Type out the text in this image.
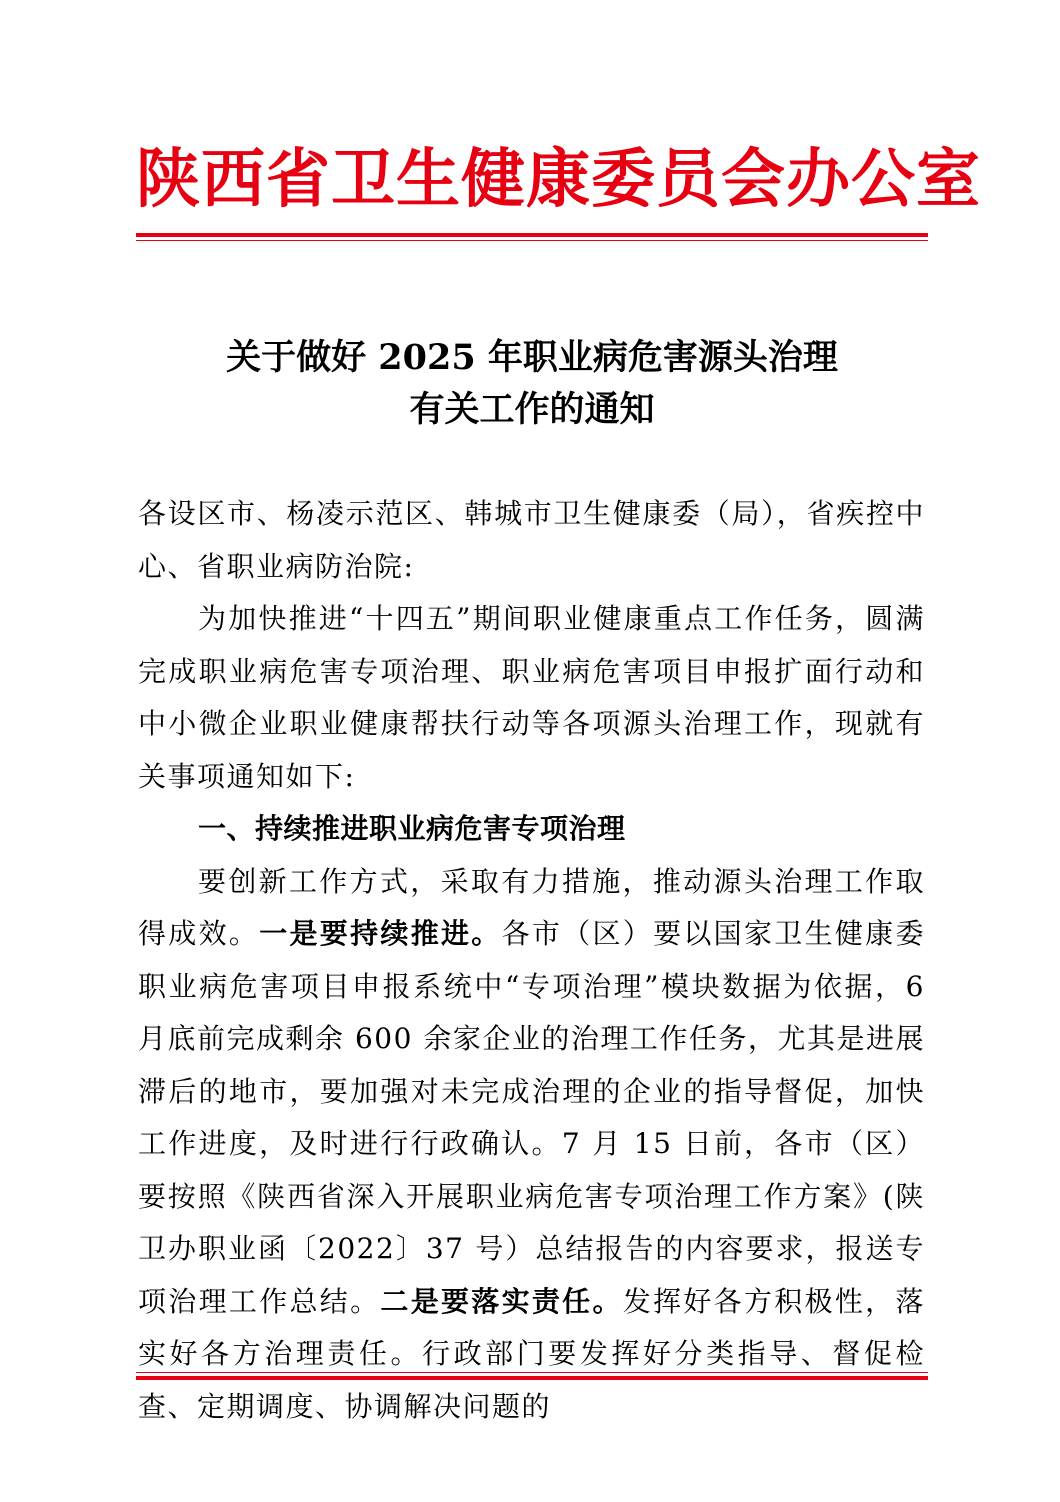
陕西省卫生健康委员会办公室
关于做好 2025 年职业病危害源头治理
有关工作的通知

各设区市、杨凌示范区、韩城市卫生健康委（局），省疾控中心、省职业病防治院:

为加快推进“十四五”期间职业健康重点工作任务，圆满完成职业病危害专项治理、职业病危害项目申报扩面行动和中小微企业职业健康帮扶行动等各项源头治理工作，现就有关事项通知如下:

一、持续推进职业病危害专项治理

要创新工作方式，采取有力措施，推动源头治理工作取得成效。一是要持续推进。各市（区）要以国家卫生健康委职业病危害项目申报系统中“专项治理”模块数据为依据，6 月底前完成剩余 600 余家企业的治理工作任务，尤其是进展滞后的地市，要加强对未完成治理的企业的指导督促，加快工作进度，及时进行行政确认。7 月 15 日前，各市（区）要按照《陕西省深入开展职业病危害专项治理工作方案》(陕卫办职业函〔2022〕37 号）总结报告的内容要求，报送专项治理工作总结。二是要落实责任。发挥好各方积极性，落实好各方治理责任。行政部门要发挥好分类指导、督促检查、定期调度、协调解决问题的
